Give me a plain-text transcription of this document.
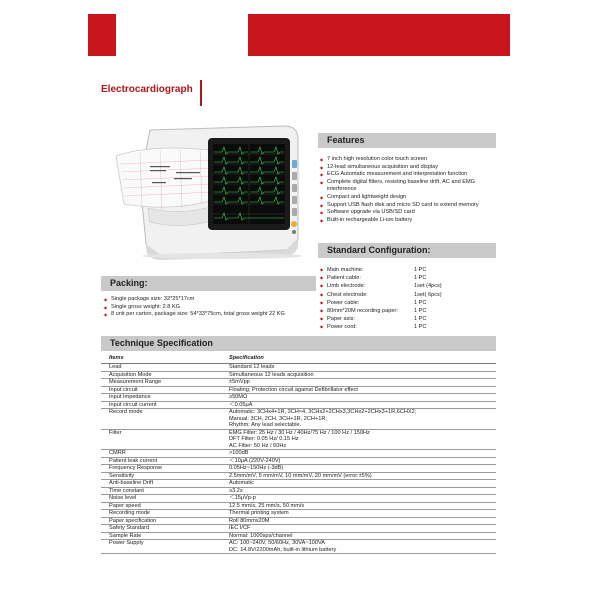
Electrocardiograph
Features
◆ 7 inch high resolution color touch screen
◆ 12-lead simultaneous acquisition and display
◆ ECG Automatic measurement and interpretation function
◆ Complete digital filters, resisting baseline drift, AC and EMG interference
◆ Compact and lightweight design
◆ Support USB flash disk and micro SD card to extend memory
◆ Software upgrade via USB/SD card
◆ Built-in rechargeable Li-ion battery
Standard Configuration:
◆ Main machine:	1 PC
◆ Patient cable:	1 PC
◆ Limb electrode:	1set (4pcs)
◆ Chest electrode:	1set( 6pcs)
◆ Power cable:	1 PC
◆ 80mm*20M recording paper:	1 PC
◆ Paper axis:	1 PC
◆ Power cord:	1 PC
Packing:
◆ Single package size: 32*25*17cm
◆ Single gross weight: 2.8 KG
◆ 8 unit per carton, package size: 54*33*75cm, total gross weight 22 KG
Technique Specification
Items	Specification
Lead	Standard 12 leads
Acquisition Mode	Simultaneous 12 leads acquisition
Measurement Range	±5mVpp
Input circuit	Floating; Protection circuit against Defibrillator effect
Input Impedance	≥50MΩ
Input circuit current	＜0.05μA
Record mode	Automatic: 3CHx4+1R, 3CH×4, 3CHx2+2CHx3,3CHx2+2CHx3+1R,6CHX2;
Manual: 3CH, 2CH, 3CH+1R, 2CH+1R;
Rhythm: Any lead selectable.
Filter	EMG Filter: 25 Hz / 30 Hz / 40Hz/75 Hz / 100 Hz / 150Hz
DFT Filter: 0.05 Hz/ 0.15 Hz
AC Filter: 50 Hz / 60Hz
CMRR	>100dB
Patient leak current	＜10μA (220V-240V)
Frequency Response	0.05Hz~150Hz (-3dB)
Sensitivity	2.5mm/mV, 5 mm/mV, 10 mm/mV, 20 mm/mV (error:±5%)
Anti-baseline Drift	Automatic
Time constant	≥3.2s
Noise level	＜15μVp-p
Paper speed	12.5 mm/s, 25 mm/s, 50 mm/s
Recording mode	Thermal printing system
Paper specification	Roll 80mmx20M
Safety Standard	IEC I/CF
Sample Rate	Normal: 1000sps/channel
Power Supply	AC: 100~240V, 50/60Hz, 30VA~100VA
DC: 14.8V/2200mAh, built-in lithium battery
